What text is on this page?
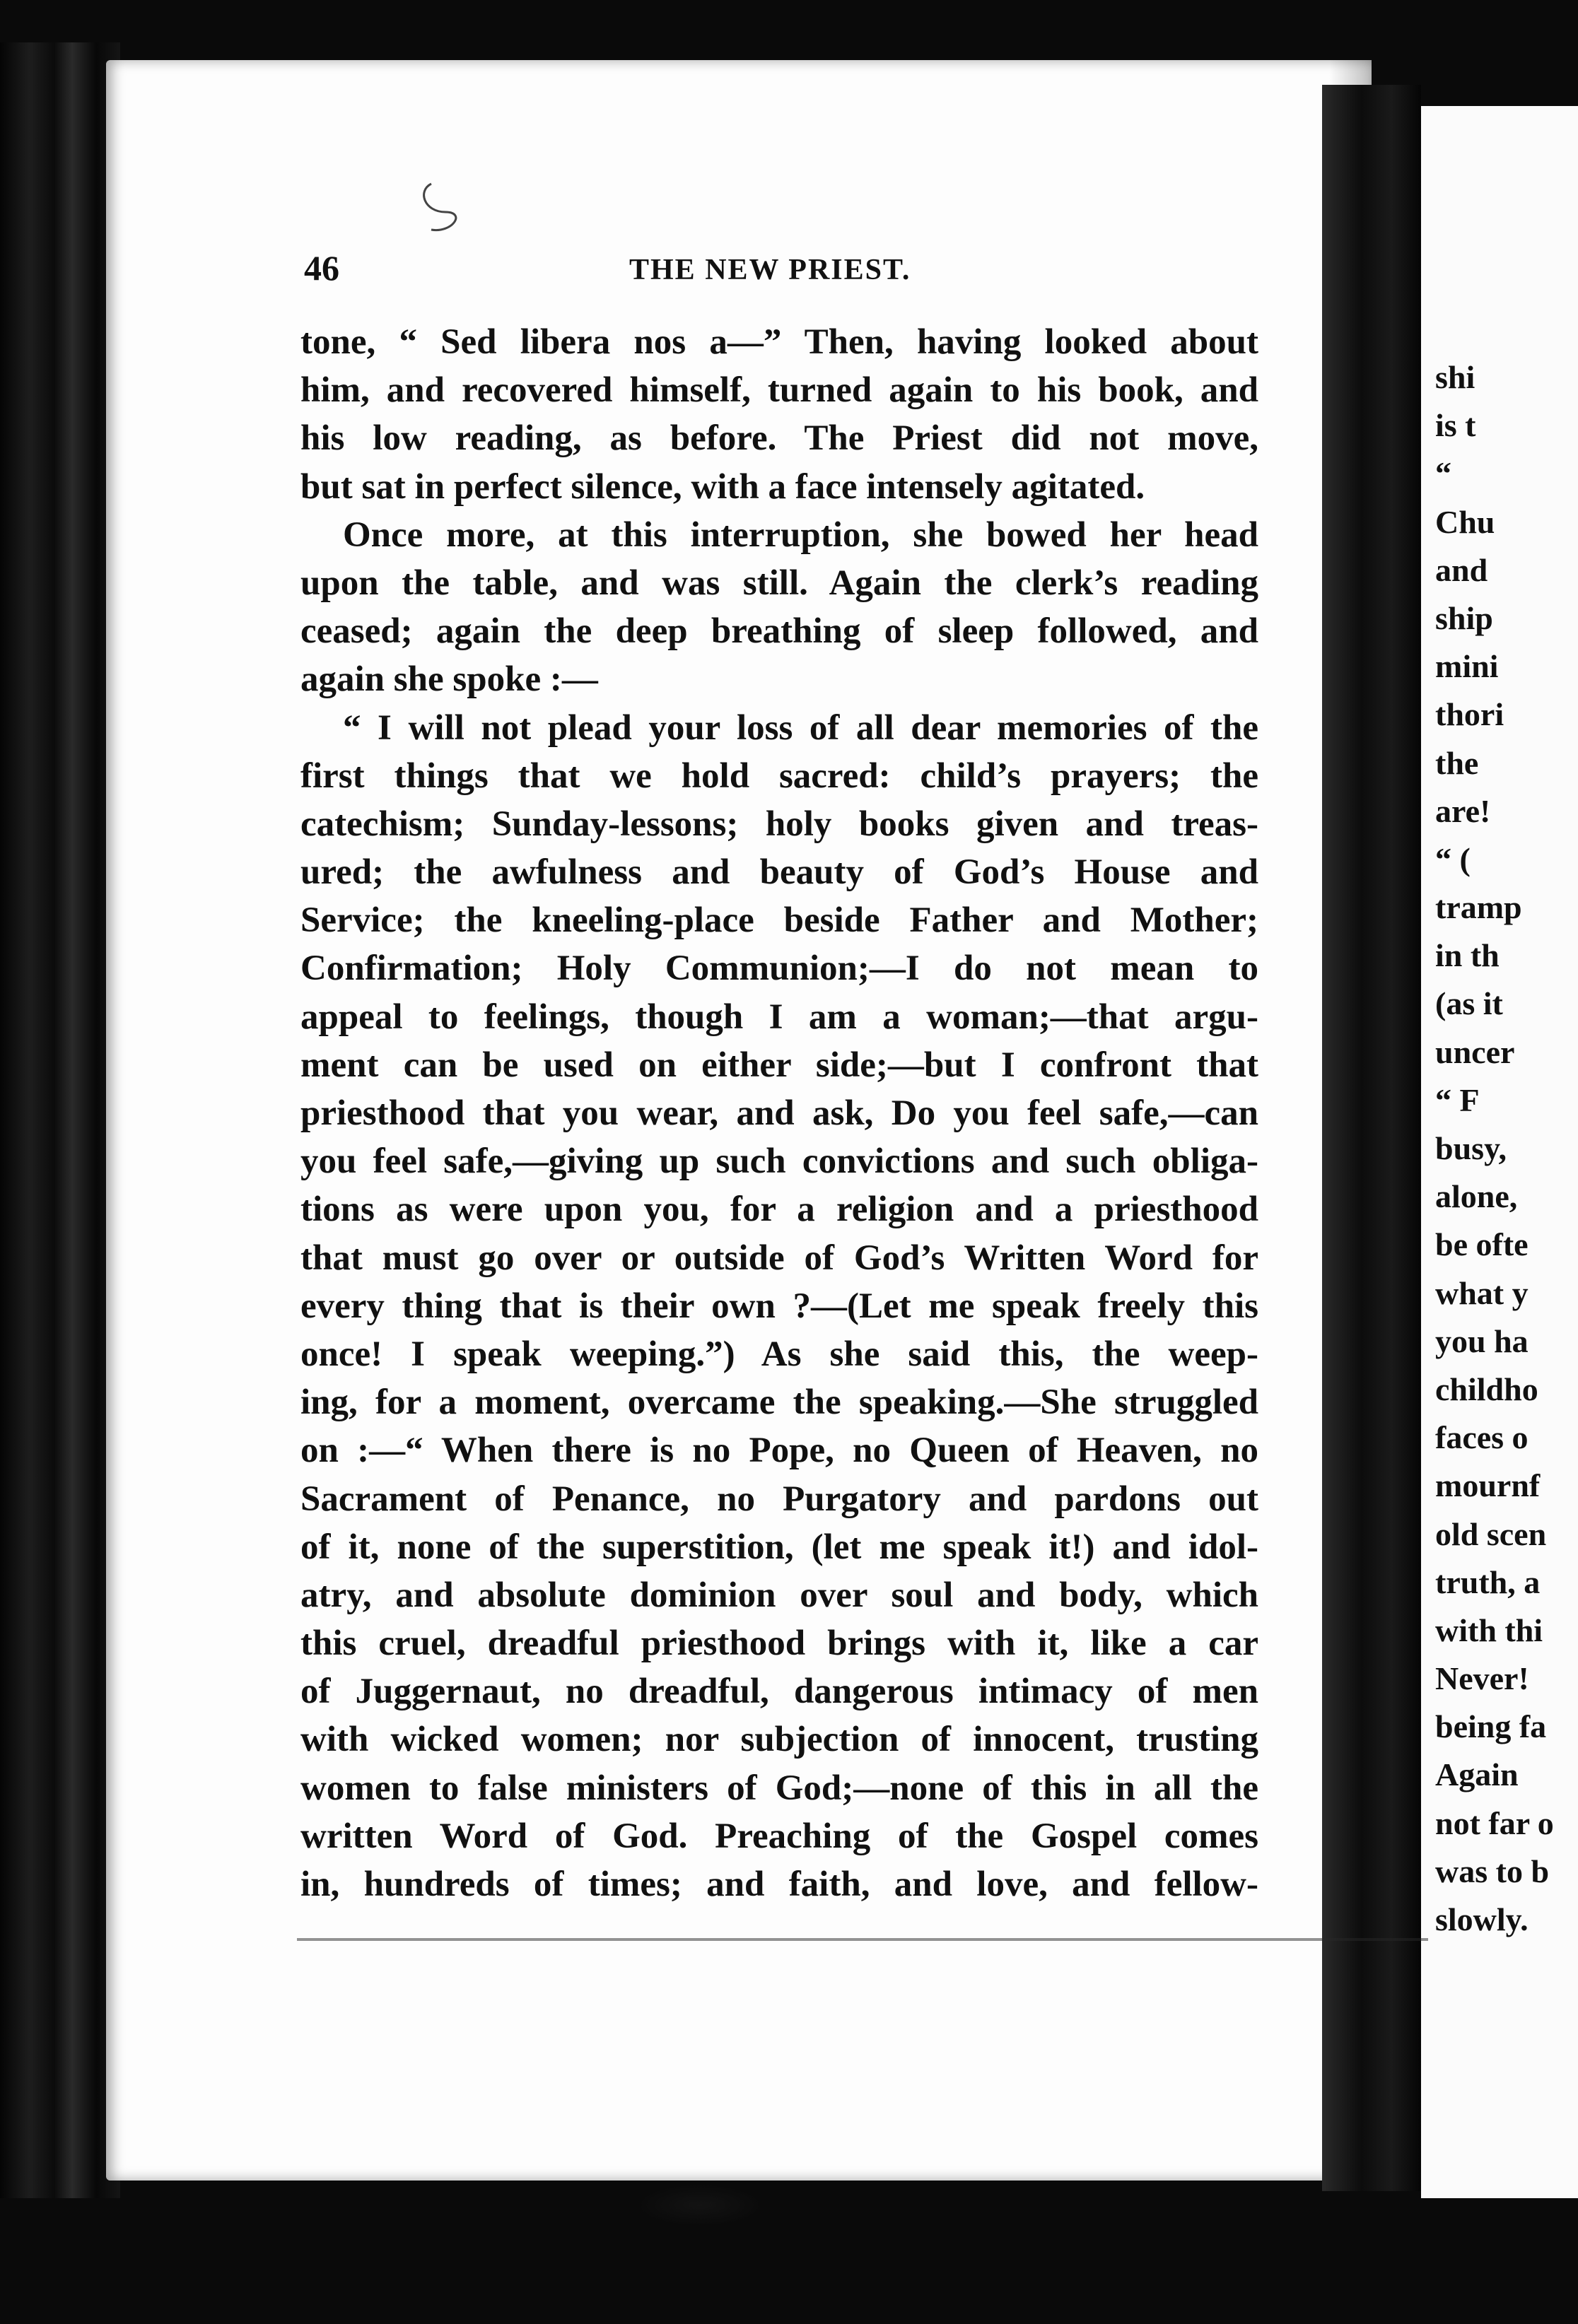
46	THE NEW PRIEST.
tone, “ Sed libera nos a—” Then, having looked about
him, and recovered himself, turned again to his book, and
his low reading, as before. The Priest did not move,
but sat in perfect silence, with a face intensely agitated.
Once more, at this interruption, she bowed her head
upon the table, and was still. Again the clerk’s reading
ceased; again the deep breathing of sleep followed, and
again she spoke :—
“ I will not plead your loss of all dear memories of the
first things that we hold sacred: child’s prayers; the
catechism; Sunday-lessons; holy books given and treas-
ured; the awfulness and beauty of God’s House and
Service; the kneeling-place beside Father and Mother;
Confirmation; Holy Communion;—I do not mean to
appeal to feelings, though I am a woman;—that argu-
ment can be used on either side;—but I confront that
priesthood that you wear, and ask, Do you feel safe,—can
you feel safe,—giving up such convictions and such obliga-
tions as were upon you, for a religion and a priesthood
that must go over or outside of God’s Written Word for
every thing that is their own ?—(Let me speak freely this
once! I speak weeping.”) As she said this, the weep-
ing, for a moment, overcame the speaking.—She struggled
on :—“ When there is no Pope, no Queen of Heaven, no
Sacrament of Penance, no Purgatory and pardons out
of it, none of the superstition, (let me speak it!) and idol-
atry, and absolute dominion over soul and body, which
this cruel, dreadful priesthood brings with it, like a car
of Juggernaut, no dreadful, dangerous intimacy of men
with wicked women; nor subjection of innocent, trusting
women to false ministers of God;—none of this in all the
written Word of God. Preaching of the Gospel comes
in, hundreds of times; and faith, and love, and fellow-
shi
is t
“
Chu
and
ship
mini
thori
the
are!
“ (
tramp
in th
(as it
uncer
“ F
busy,
alone,
be ofte
what y
you ha
childho
faces o
mournf
old scen
truth, a
with thi
Never!
being fa
Again
not far o
was to b
slowly.
